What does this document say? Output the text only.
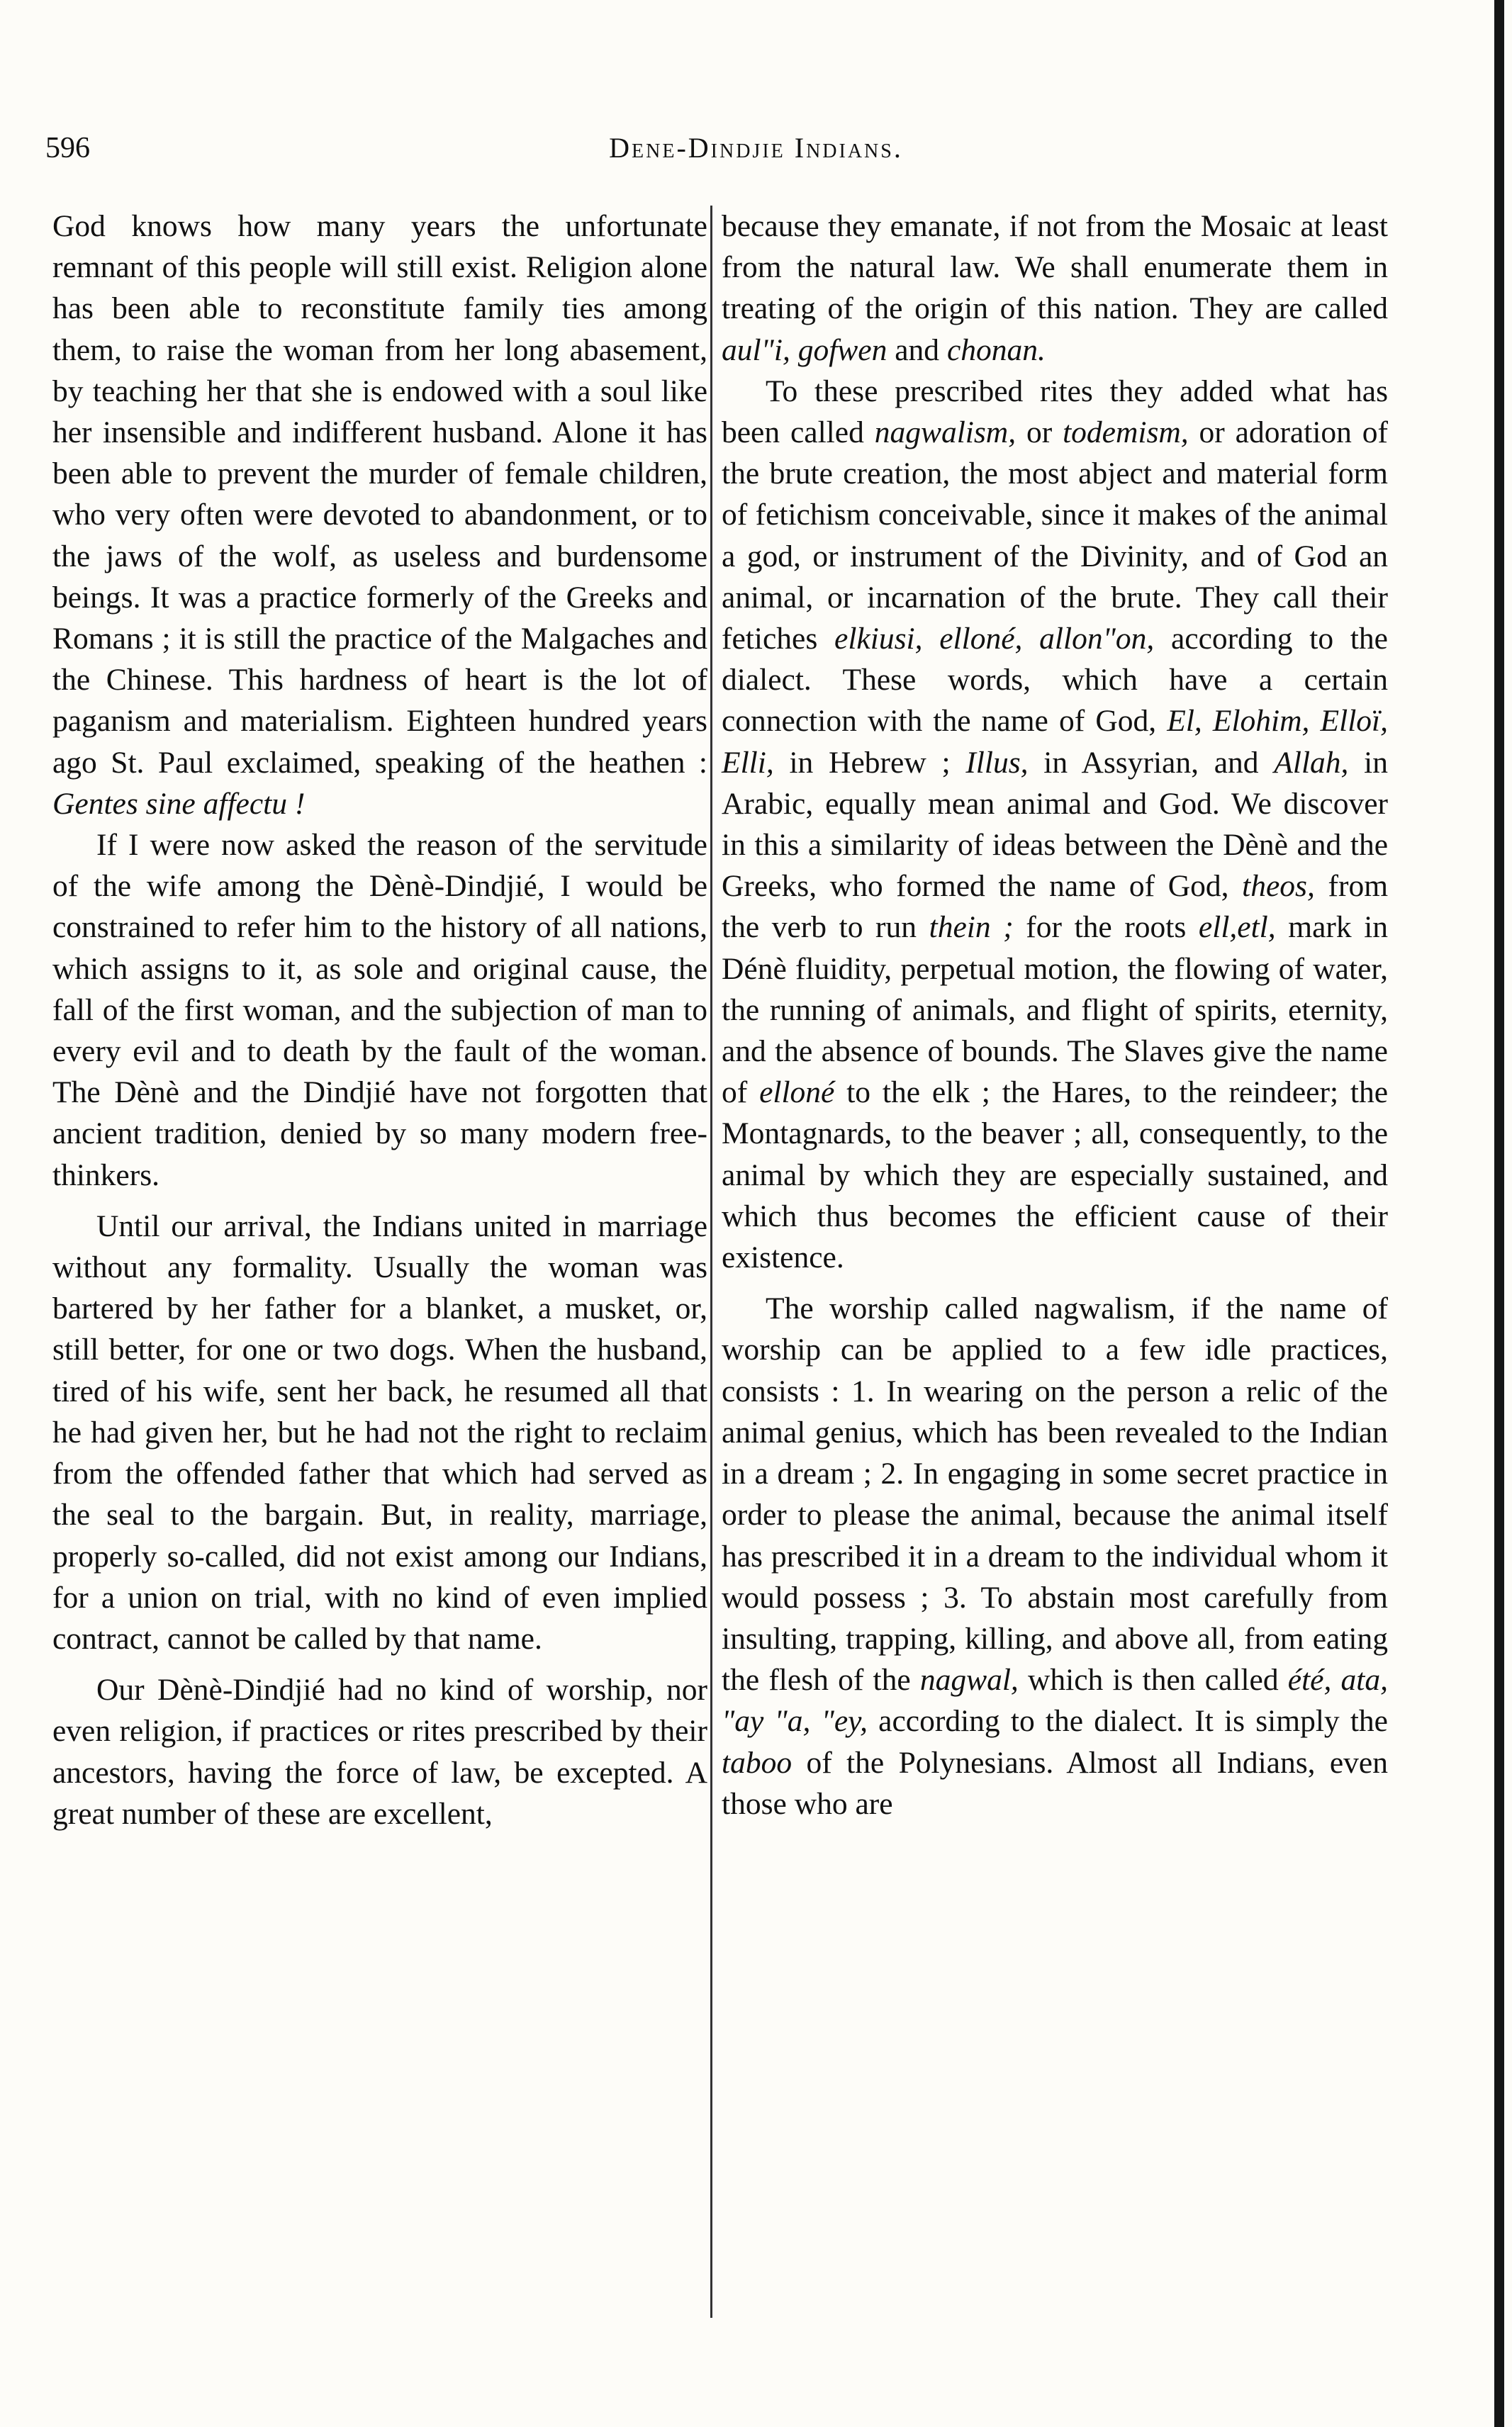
596	Dene-Dindjie Indians.

God knows how many years the unfortunate remnant of this people will still exist. Religion alone has been able to reconstitute family ties among them, to raise the woman from her long abasement, by teaching her that she is endowed with a soul like her insensible and indifferent husband. Alone it has been able to prevent the murder of female children, who very often were devoted to abandonment, or to the jaws of the wolf, as useless and burdensome beings. It was a practice formerly of the Greeks and Romans ; it is still the practice of the Malgaches and the Chinese. This hardness of heart is the lot of paganism and materialism. Eighteen hundred years ago St. Paul exclaimed, speaking of the heathen : Gentes sine affectu !

If I were now asked the reason of the servitude of the wife among the Dènè-Dindjié, I would be constrained to refer him to the history of all nations, which assigns to it, as sole and original cause, the fall of the first woman, and the subjection of man to every evil and to death by the fault of the woman. The Dènè and the Dindjié have not forgotten that ancient tradition, denied by so many modern free-thinkers.

Until our arrival, the Indians united in marriage without any formality. Usually the woman was bartered by her father for a blanket, a musket, or, still better, for one or two dogs. When the husband, tired of his wife, sent her back, he resumed all that he had given her, but he had not the right to reclaim from the offended father that which had served as the seal to the bargain. But, in reality, marriage, properly so-called, did not exist among our Indians, for a union on trial, with no kind of even implied contract, cannot be called by that name.

Our Dènè-Dindjié had no kind of worship, nor even religion, if practices or rites prescribed by their ancestors, having the force of law, be excepted. A great number of these are excellent,

because they emanate, if not from the Mosaic at least from the natural law. We shall enumerate them in treating of the origin of this nation. They are called aul"i, gofwen and chonan.

To these prescribed rites they added what has been called nagwalism, or todemism, or adoration of the brute creation, the most abject and material form of fetichism conceivable, since it makes of the animal a god, or instrument of the Divinity, and of God an animal, or incarnation of the brute. They call their fetiches elkiusi, elloné, allon"on, according to the dialect. These words, which have a certain connection with the name of God, El, Elohim, Elloï, Elli, in Hebrew ; Illus, in Assyrian, and Allah, in Arabic, equally mean animal and God. We discover in this a similarity of ideas between the Dènè and the Greeks, who formed the name of God, theos, from the verb to run thein ; for the roots ell,etl, mark in Dénè fluidity, perpetual motion, the flowing of water, the running of animals, and flight of spirits, eternity, and the absence of bounds. The Slaves give the name of elloné to the elk ; the Hares, to the reindeer; the Montagnards, to the beaver ; all, consequently, to the animal by which they are especially sustained, and which thus becomes the efficient cause of their existence.

The worship called nagwalism, if the name of worship can be applied to a few idle practices, consists : 1. In wearing on the person a relic of the animal genius, which has been revealed to the Indian in a dream ; 2. In engaging in some secret practice in order to please the animal, because the animal itself has prescribed it in a dream to the individual whom it would possess ; 3. To abstain most carefully from insulting, trapping, killing, and above all, from eating the flesh of the nagwal, which is then called été, ata, "ay "a, "ey, according to the dialect. It is simply the taboo of the Polynesians. Almost all Indians, even those who are
